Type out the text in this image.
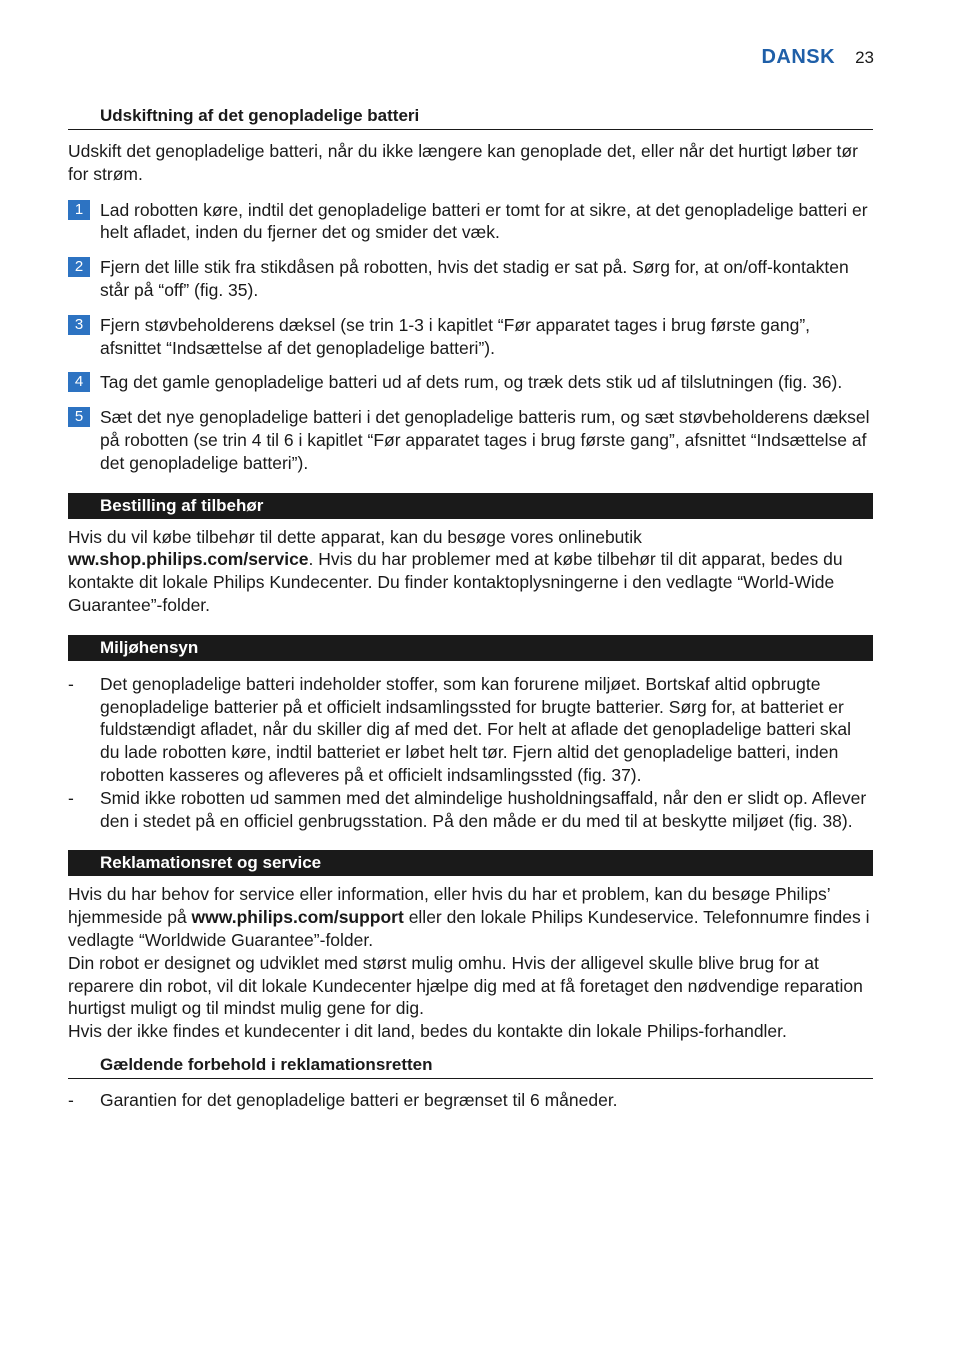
DANSK 23
Udskiftning af det genopladelige batteri

Udskift det genopladelige batteri, når du ikke længere kan genoplade det, eller når det hurtigt løber tør for strøm.

1 Lad robotten køre, indtil det genopladelige batteri er tomt for at sikre, at det genopladelige batteri er helt afladet, inden du fjerner det og smider det væk.
2 Fjern det lille stik fra stikdåsen på robotten, hvis det stadig er sat på. Sørg for, at on/off-kontakten står på “off” (fig. 35).
3 Fjern støvbeholderens dæksel (se trin 1-3 i kapitlet “Før apparatet tages i brug første gang”, afsnittet “Indsættelse af det genopladelige batteri”).
4 Tag det gamle genopladelige batteri ud af dets rum, og træk dets stik ud af tilslutningen (fig. 36).
5 Sæt det nye genopladelige batteri i det genopladelige batteris rum, og sæt støvbeholderens dæksel på robotten (se trin 4 til 6 i kapitlet “Før apparatet tages i brug første gang”, afsnittet “Indsættelse af det genopladelige batteri”).
Bestilling af tilbehør

Hvis du vil købe tilbehør til dette apparat, kan du besøge vores onlinebutik
ww.shop.philips.com/service. Hvis du har problemer med at købe tilbehør til dit apparat, bedes du kontakte dit lokale Philips Kundecenter. Du finder kontaktoplysningerne i den vedlagte “World-Wide Guarantee”-folder.

Miljøhensyn
-	Det genopladelige batteri indeholder stoffer, som kan forurene miljøet. Bortskaf altid opbrugte genopladelige batterier på et officielt indsamlingssted for brugte batterier. Sørg for, at batteriet er fuldstændigt afladet, når du skiller dig af med det. For helt at aflade det genopladelige batteri skal du lade robotten køre, indtil batteriet er løbet helt tør. Fjern altid det genopladelige batteri, inden robotten kasseres og afleveres på et officielt indsamlingssted (fig. 37).
-	Smid ikke robotten ud sammen med det almindelige husholdningsaffald, når den er slidt op. Aflever den i stedet på en officiel genbrugsstation. På den måde er du med til at beskytte miljøet (fig. 38).
Reklamationsret og service

Hvis du har behov for service eller information, eller hvis du har et problem, kan du besøge Philips’ hjemmeside på www.philips.com/support eller den lokale Philips Kundeservice. Telefonnumre findes i vedlagte “Worldwide Guarantee”-folder.

Din robot er designet og udviklet med størst mulig omhu. Hvis der alligevel skulle blive brug for at reparere din robot, vil dit lokale Kundecenter hjælpe dig med at få foretaget den nødvendige reparation hurtigst muligt og til mindst mulig gene for dig.

Hvis der ikke findes et kundecenter i dit land, bedes du kontakte din lokale Philips-forhandler.

Gældende forbehold i reklamationsretten
-	Garantien for det genopladelige batteri er begrænset til 6 måneder.
